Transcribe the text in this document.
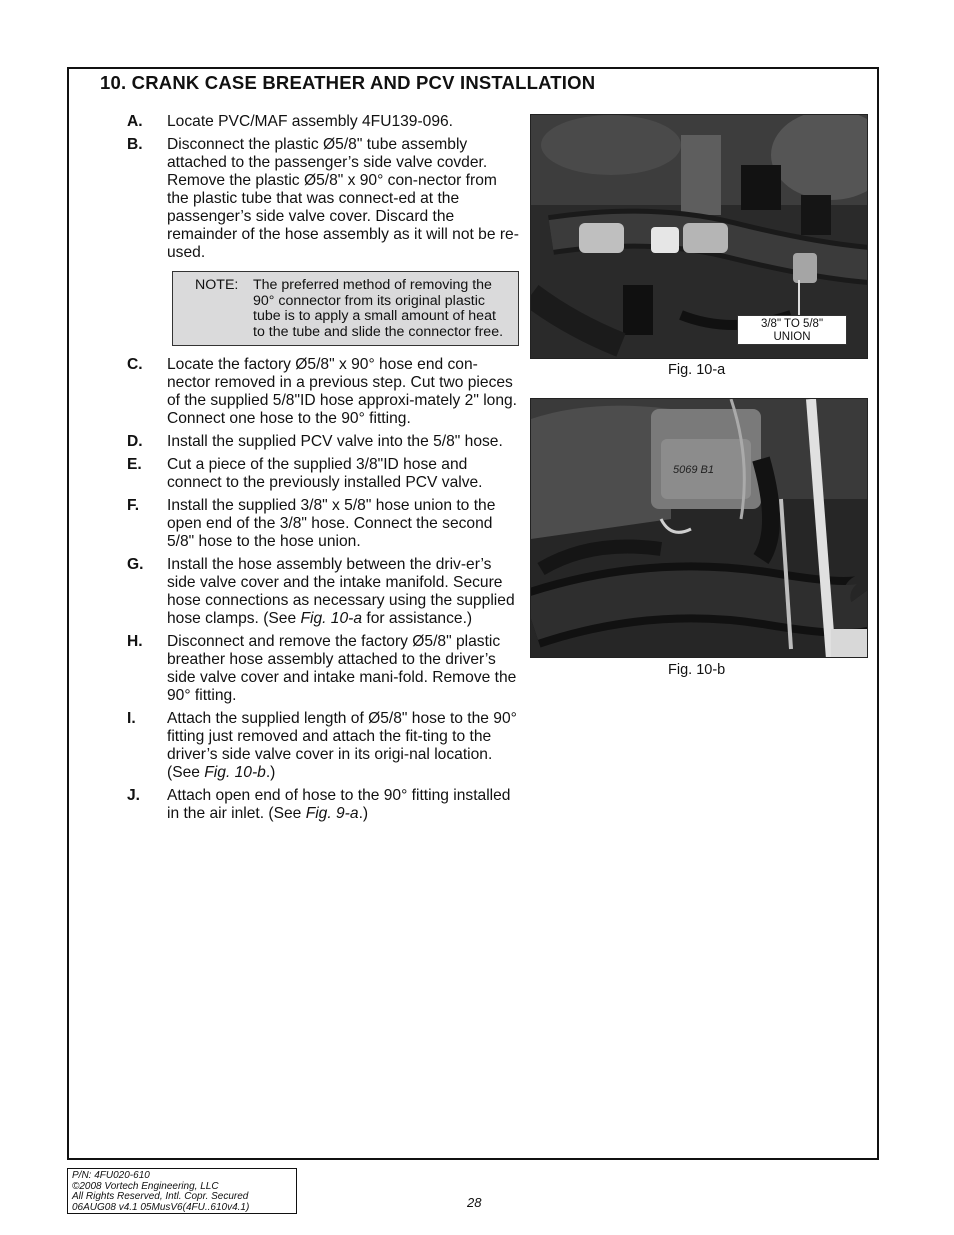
10. CRANK CASE BREATHER AND PCV INSTALLATION
A.	Locate PVC/MAF assembly 4FU139-096.
B.	Disconnect the plastic Ø5/8" tube assembly attached to the passenger’s side valve covder. Remove the plastic Ø5/8" x 90° con-nector from the plastic tube that was connect-ed at the passenger’s side valve cover. Discard the remainder of the hose assembly as it will not be re-used.
NOTE:	The preferred method of removing the 90° connector from its original plastic tube is to apply a small amount of heat to the tube and slide the connector free.
C.	Locate the factory Ø5/8" x 90° hose end con-nector removed in a previous step. Cut two pieces of the supplied 5/8"ID hose approxi-mately 2" long. Connect one hose to the 90° fitting.
D.	Install the supplied PCV valve into the 5/8" hose.
E.	Cut a piece of the supplied 3/8"ID hose and connect to the previously installed PCV valve.
F.	Install the supplied 3/8" x 5/8" hose union to the open end of the 3/8" hose. Connect the second 5/8" hose to the hose union.
G.	Install the hose assembly between the driv-er’s side valve cover and the intake manifold. Secure hose connections as necessary using the supplied hose clamps. (See Fig. 10-a for assistance.)
H.	Disconnect and remove the factory Ø5/8" plastic breather hose assembly attached to the driver’s side valve cover and intake mani-fold. Remove the 90° fitting.
I.	Attach the supplied length of Ø5/8" hose to the 90° fitting just removed and attach the fit-ting to the driver’s side valve cover in its origi-nal location. (See Fig. 10-b.)
J.	Attach open end of hose to the 90° fitting installed in the air inlet. (See Fig. 9-a.)
3/8" TO 5/8"
UNION
Fig. 10-a
5069 B1
Fig. 10-b
P/N: 4FU020-610
©2008 Vortech Engineering, LLC
All Rights Reserved, Intl. Copr. Secured
06AUG08 v4.1 05MusV6(4FU..610v4.1)	28
